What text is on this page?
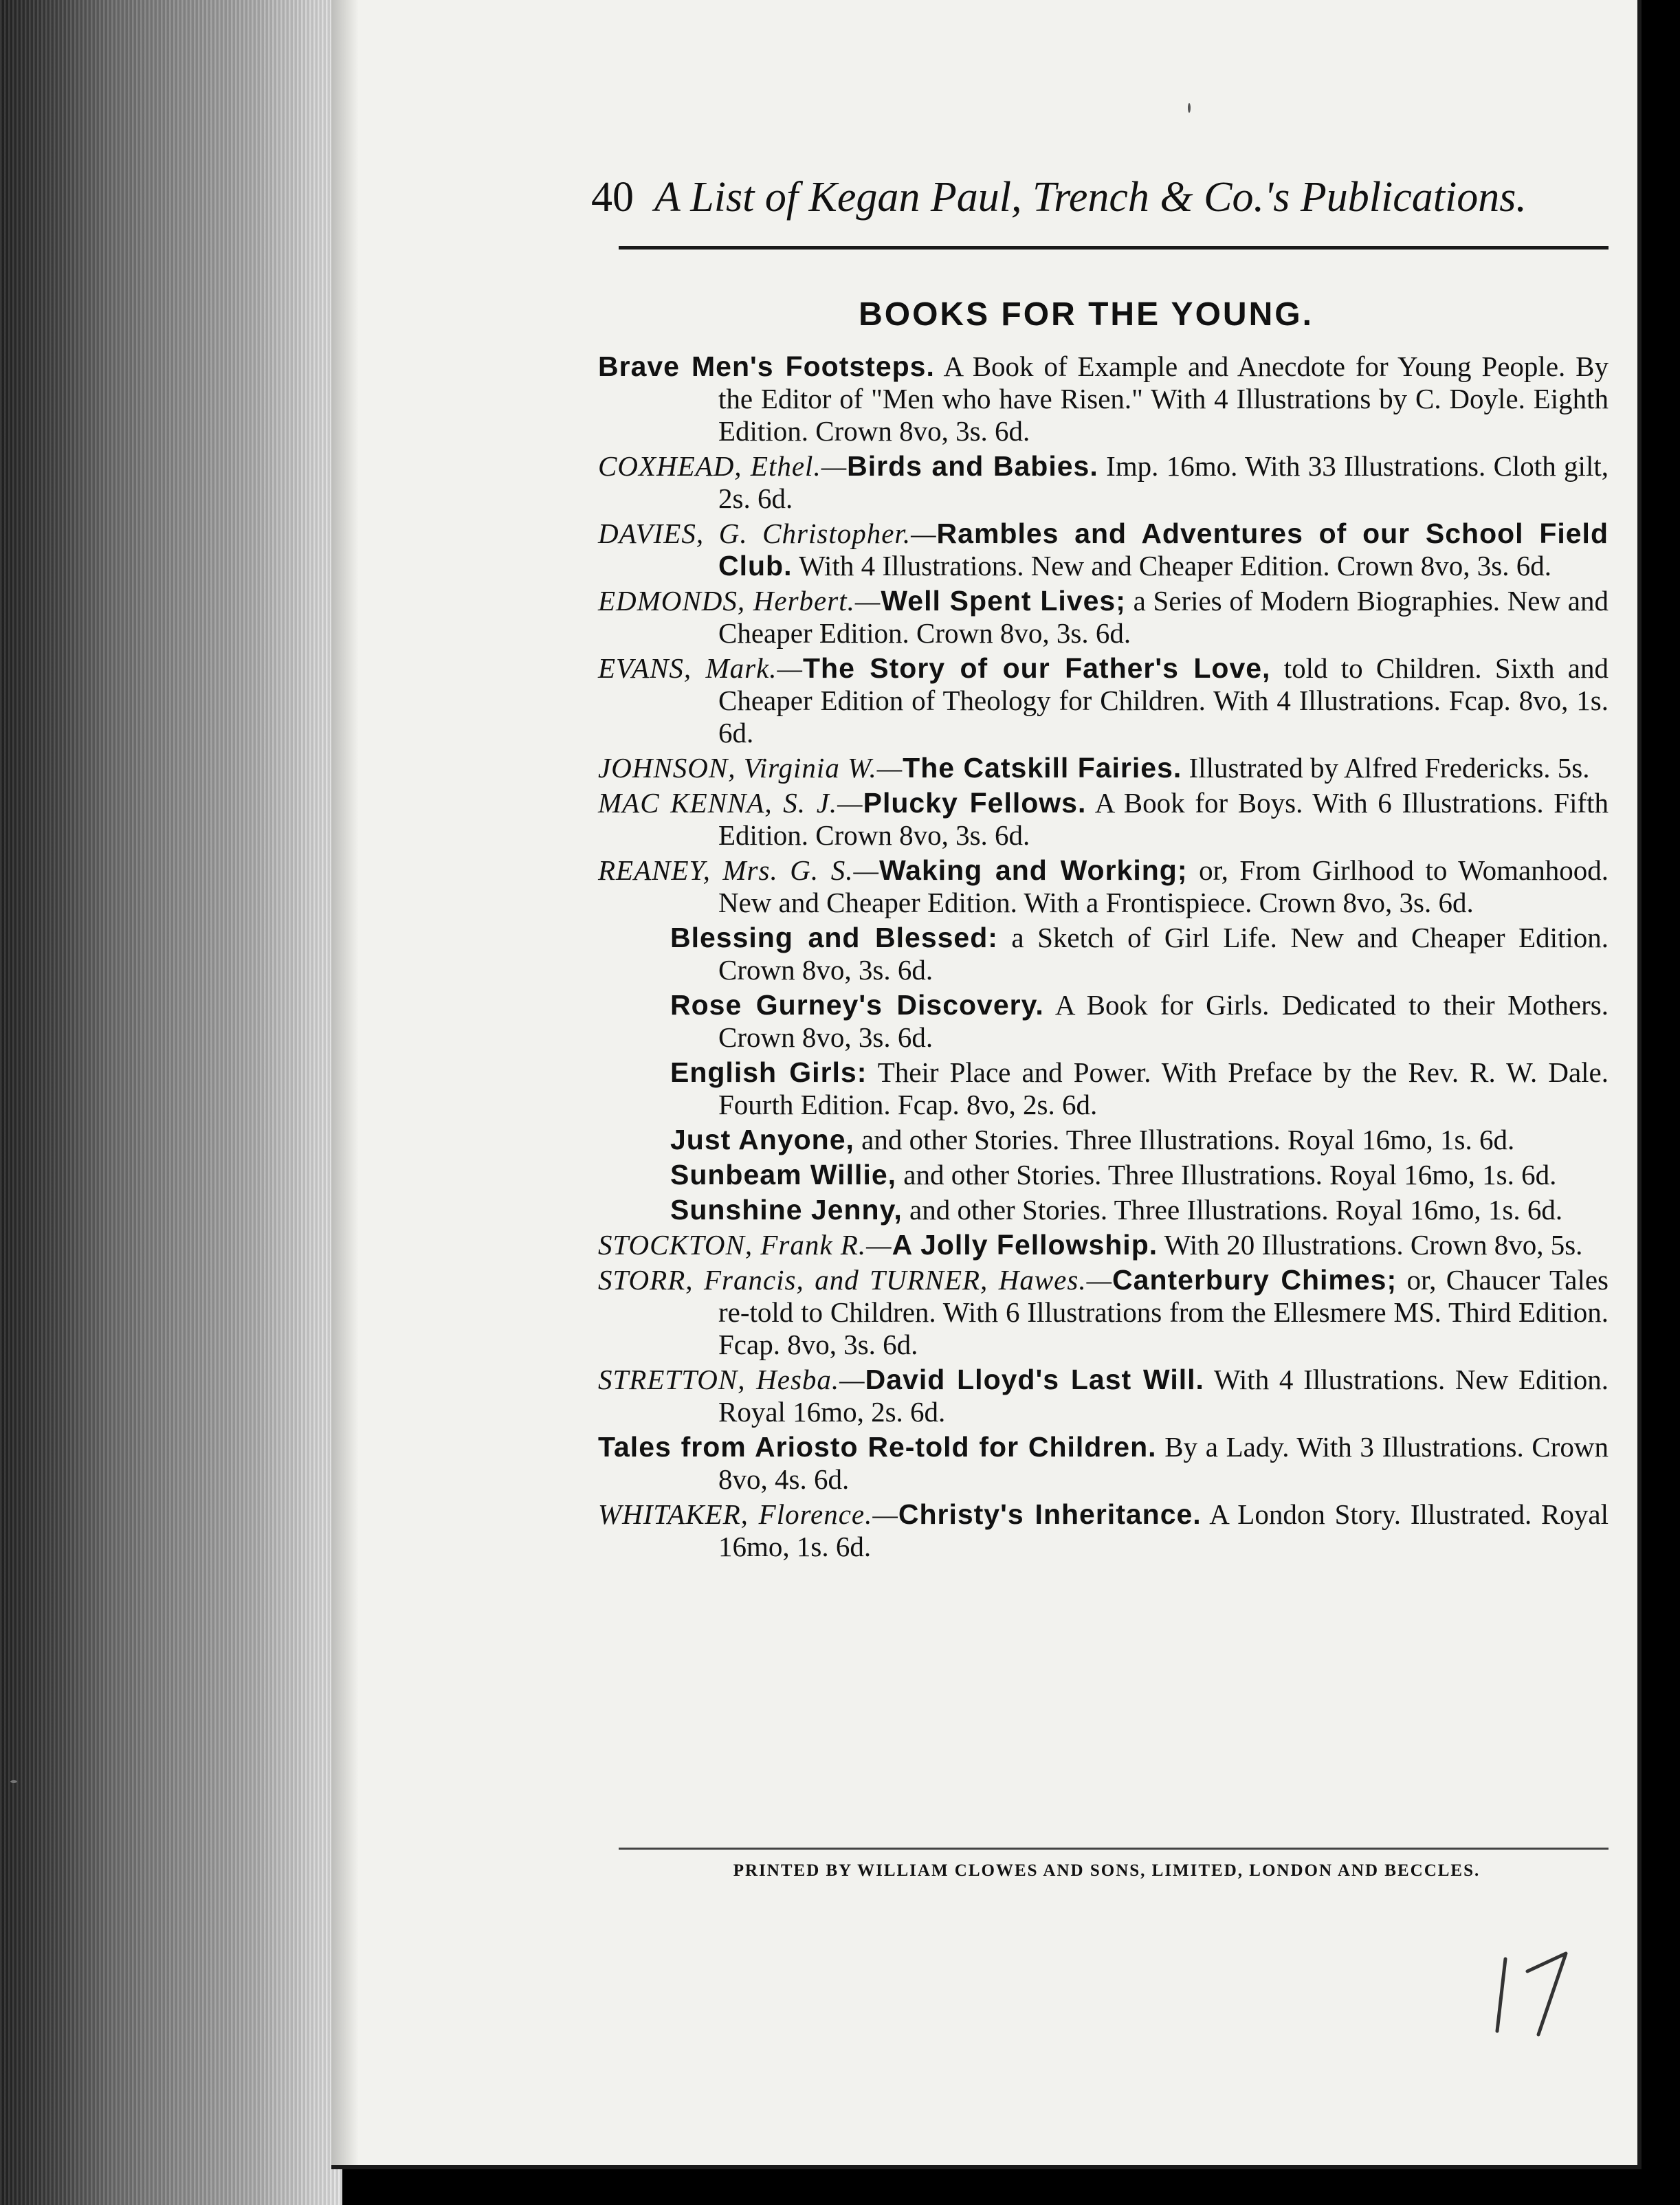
40 A List of Kegan Paul, Trench & Co.'s Publications.
BOOKS FOR THE YOUNG.
Brave Men's Footsteps. A Book of Example and Anecdote for Young People. By the Editor of "Men who have Risen." With 4 Illustrations by C. Doyle. Eighth Edition. Crown 8vo, 3s. 6d.
COXHEAD, Ethel.—Birds and Babies. Imp. 16mo. With 33 Illustrations. Cloth gilt, 2s. 6d.
DAVIES, G. Christopher.—Rambles and Adventures of our School Field Club. With 4 Illustrations. New and Cheaper Edition. Crown 8vo, 3s. 6d.
EDMONDS, Herbert.—Well Spent Lives; a Series of Modern Biographies. New and Cheaper Edition. Crown 8vo, 3s. 6d.
EVANS, Mark.—The Story of our Father's Love, told to Children. Sixth and Cheaper Edition of Theology for Children. With 4 Illustrations. Fcap. 8vo, 1s. 6d.
JOHNSON, Virginia W.—The Catskill Fairies. Illustrated by Alfred Fredericks. 5s.
MAC KENNA, S. J.—Plucky Fellows. A Book for Boys. With 6 Illustrations. Fifth Edition. Crown 8vo, 3s. 6d.
REANEY, Mrs. G. S.—Waking and Working; or, From Girlhood to Womanhood. New and Cheaper Edition. With a Frontispiece. Crown 8vo, 3s. 6d.
Blessing and Blessed: a Sketch of Girl Life. New and Cheaper Edition. Crown 8vo, 3s. 6d.
Rose Gurney's Discovery. A Book for Girls. Dedicated to their Mothers. Crown 8vo, 3s. 6d.
English Girls: Their Place and Power. With Preface by the Rev. R. W. Dale. Fourth Edition. Fcap. 8vo, 2s. 6d.
Just Anyone, and other Stories. Three Illustrations. Royal 16mo, 1s. 6d.
Sunbeam Willie, and other Stories. Three Illustrations. Royal 16mo, 1s. 6d.
Sunshine Jenny, and other Stories. Three Illustrations. Royal 16mo, 1s. 6d.
STOCKTON, Frank R.—A Jolly Fellowship. With 20 Illustrations. Crown 8vo, 5s.
STORR, Francis, and TURNER, Hawes.—Canterbury Chimes; or, Chaucer Tales re-told to Children. With 6 Illustrations from the Ellesmere MS. Third Edition. Fcap. 8vo, 3s. 6d.
STRETTON, Hesba.—David Lloyd's Last Will. With 4 Illustrations. New Edition. Royal 16mo, 2s. 6d.
Tales from Ariosto Re-told for Children. By a Lady. With 3 Illustrations. Crown 8vo, 4s. 6d.
WHITAKER, Florence.—Christy's Inheritance. A London Story. Illustrated. Royal 16mo, 1s. 6d.
PRINTED BY WILLIAM CLOWES AND SONS, LIMITED, LONDON AND BECCLES.
